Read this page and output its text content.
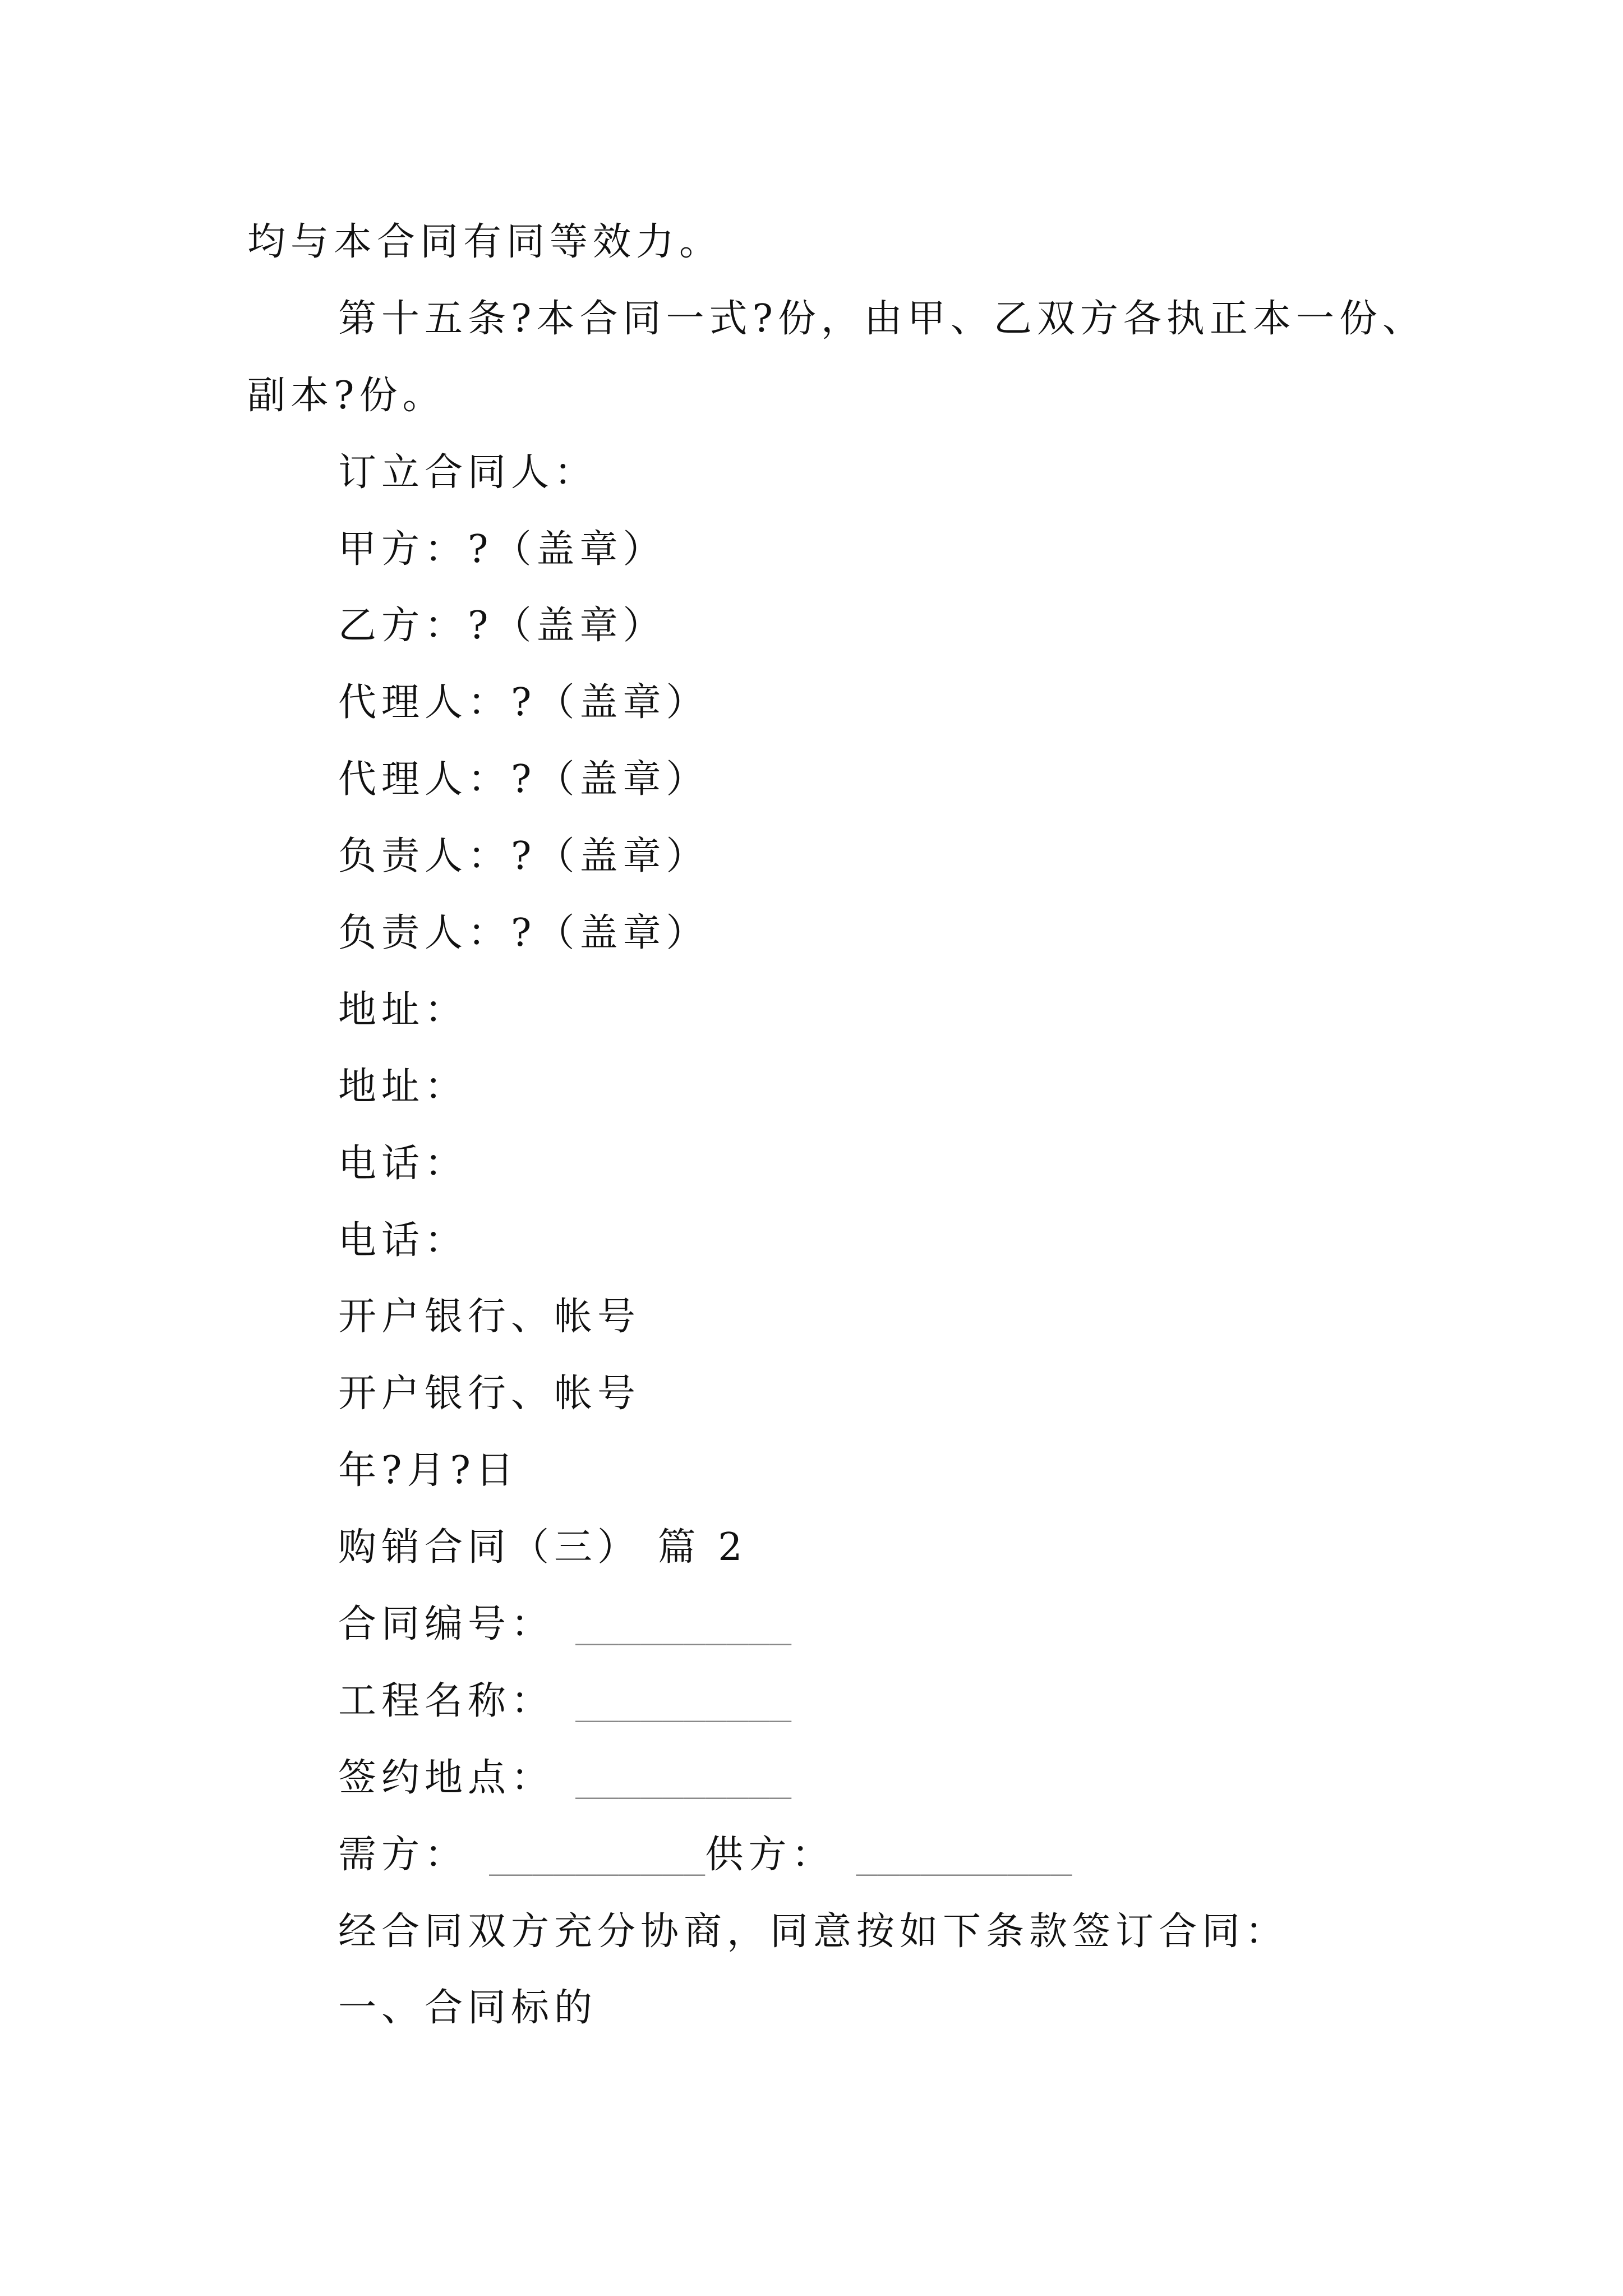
均与本合同有同等效力。
第十五条?本合同一式?份，由甲、乙双方各执正本一份、
副本?份。
订立合同人：
甲方：?（盖章）
乙方：?（盖章）
代理人：?（盖章）
代理人：?（盖章）
负责人：?（盖章）
负责人：?（盖章）
地址：
地址：
电话：
电话：
开户银行、帐号
开户银行、帐号
年?月?日
购销合同（三） 篇 2
合同编号： __________
工程名称： __________
签约地点： __________
需方： __________供方： __________
经合同双方充分协商，同意按如下条款签订合同：
一、合同标的
